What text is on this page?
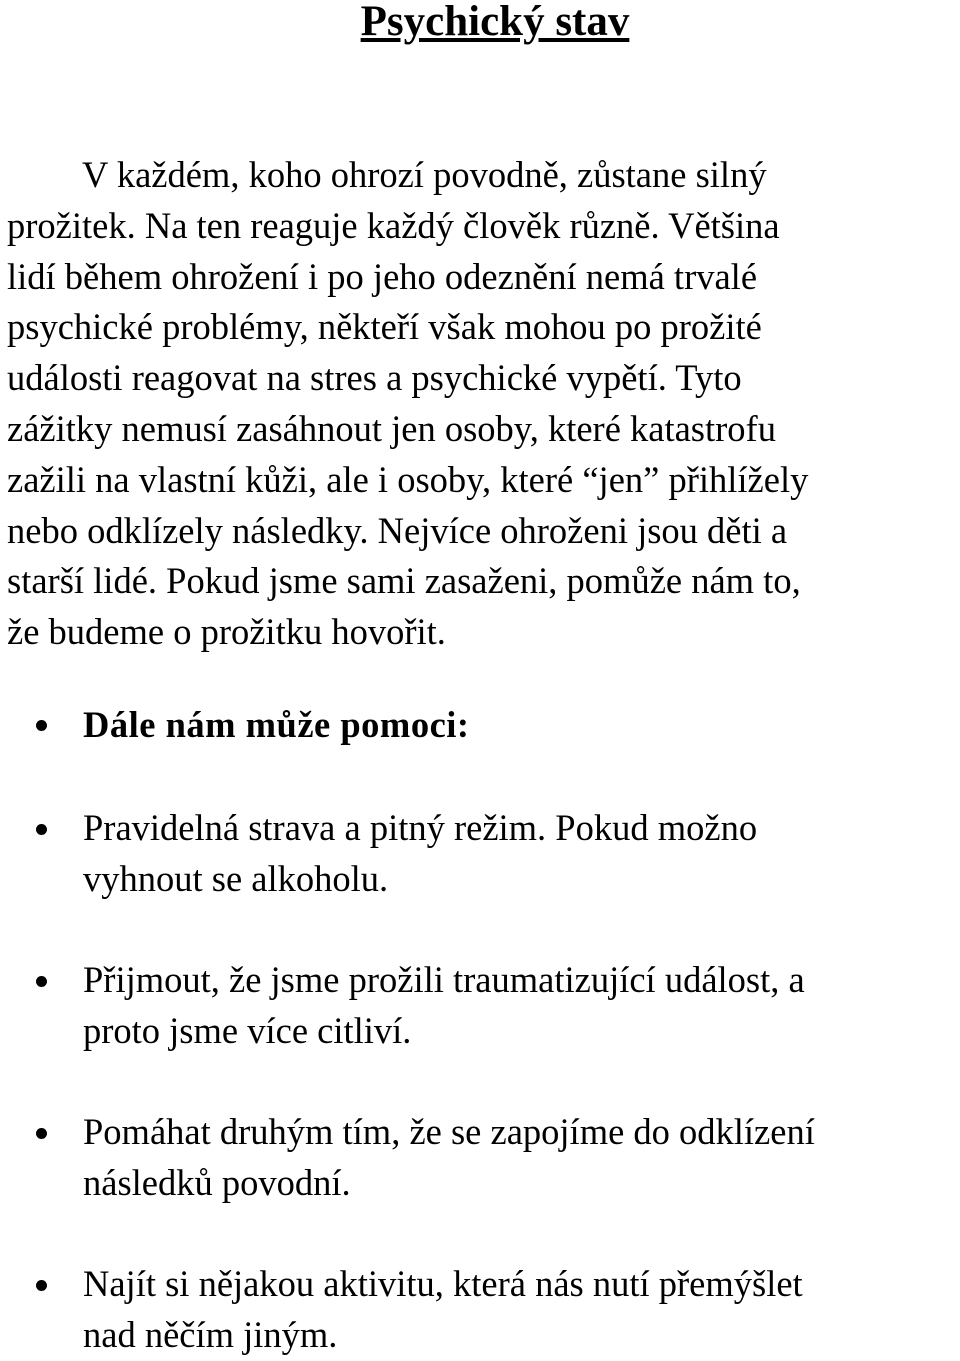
Psychický stav
V každém, koho ohrozí povodně, zůstane silný
prožitek. Na ten reaguje každý člověk různě. Většina
lidí během ohrožení i po jeho odeznění nemá trvalé
psychické problémy, někteří však mohou po prožité
události reagovat na stres a psychické vypětí. Tyto
zážitky nemusí zasáhnout jen osoby, které katastrofu
zažili na vlastní kůži, ale i osoby, které “jen” přihlížely
nebo odklízely následky. Nejvíce ohroženi jsou děti a
starší lidé. Pokud jsme sami zasaženi, pomůže nám to,
že budeme o prožitku hovořit.
Dále nám může pomoci:
Pravidelná strava a pitný režim. Pokud možno
vyhnout se alkoholu.
Přijmout, že jsme prožili traumatizující událost, a
proto jsme více citliví.
Pomáhat druhým tím, že se zapojíme do odklízení
následků povodní.
Najít si nějakou aktivitu, která nás nutí přemýšlet
nad něčím jiným.
